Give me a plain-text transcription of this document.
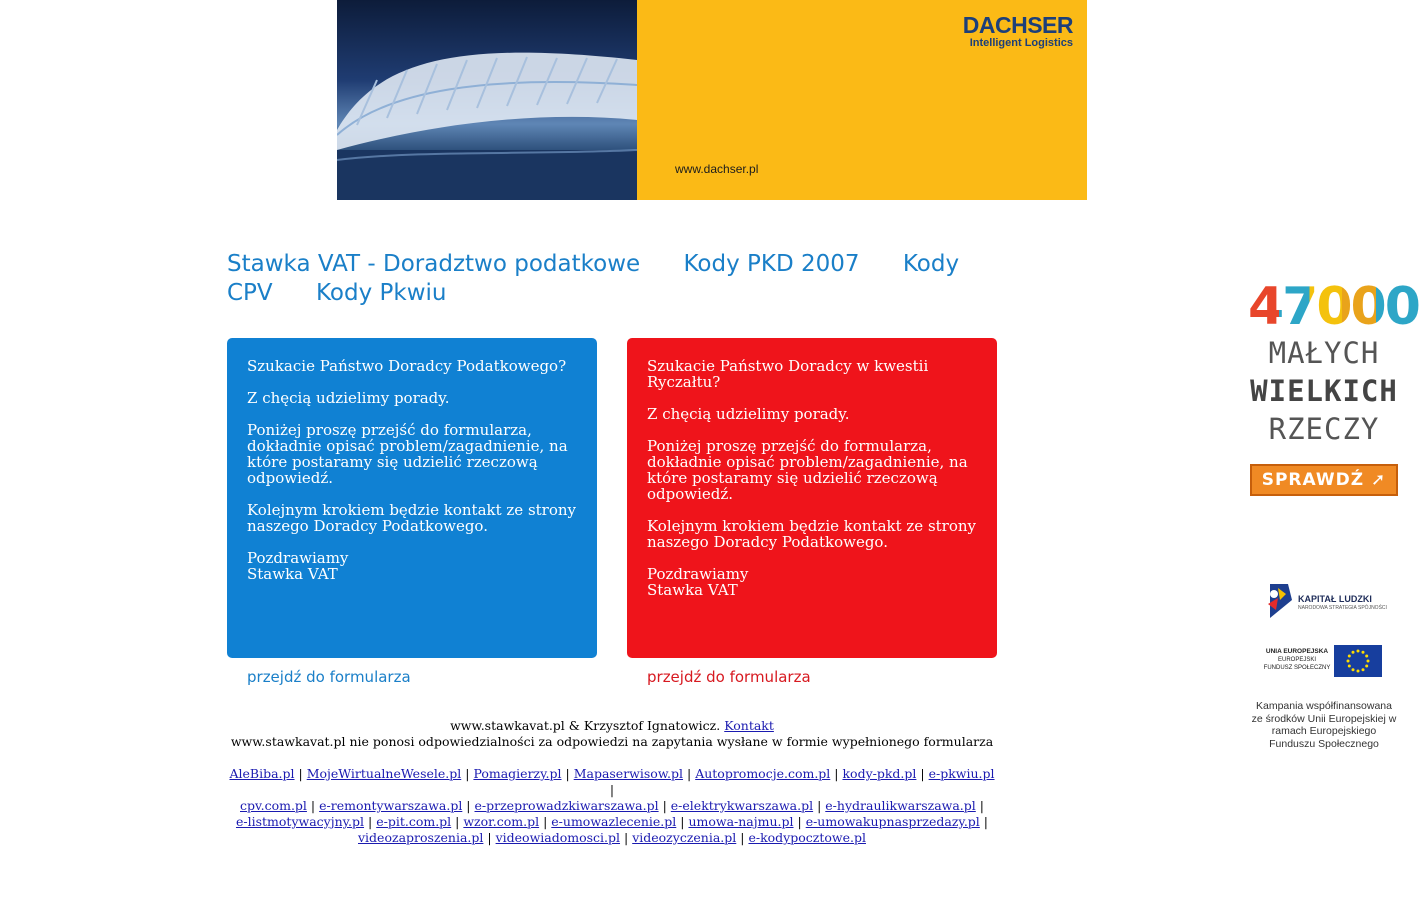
DACHSER
Intelligent Logistics
www.dachser.pl
Stawka VAT - Doradztwo podatkowe Kody PKD 2007 Kody CPV Kody Pkwiu

Szukacie Państwo Doradcy Podatkowego?

Z chęcią udzielimy porady.

Poniżej proszę przejść do formularza, dokładnie opisać problem/zagadnienie, na które postaramy się udzielić rzeczową odpowiedź.

Kolejnym krokiem będzie kontakt ze strony naszego Doradcy Podatkowego.

Pozdrawiamy
Stawka VAT

przejdź do formularza

Szukacie Państwo Doradcy w kwestii Ryczałtu?

Z chęcią udzielimy porady.

Poniżej proszę przejść do formularza, dokładnie opisać problem/zagadnienie, na które postaramy się udzielić rzeczową odpowiedź.

Kolejnym krokiem będzie kontakt ze strony naszego Doradcy Podatkowego.

Pozdrawiamy
Stawka VAT

przejdź do formularza
www.stawkavat.pl & Krzysztof Ignatowicz. Kontakt
www.stawkavat.pl nie ponosi odpowiedzialności za odpowiedzi na zapytania wysłane w formie wypełnionego formularza
AleBiba.pl | MojeWirtualneWesele.pl | Pomagierzy.pl | Mapaserwisow.pl | Autopromocje.com.pl | kody-pkd.pl | e-pkwiu.pl |
cpv.com.pl | e-remontywarszawa.pl | e-przeprowadzkiwarszawa.pl | e-elektrykwarszawa.pl | e-hydraulikwarszawa.pl |
e-listmotywacyjny.pl | e-pit.com.pl | wzor.com.pl | e-umowazlecenie.pl | umowa-najmu.pl | e-umowakupnasprzedazy.pl |
videozaproszenia.pl | videowiadomosci.pl | videozyczenia.pl | e-kodypocztowe.pl
47000
MAŁYCH
WIELKICH
RZECZY
SPRAWDŹ ➚
KAPITAŁ LUDZKI
NARODOWA STRATEGIA SPÓJNOŚCI
UNIA EUROPEJSKA
EUROPEJSKI
FUNDUSZ SPOŁECZNY
Kampania współfinansowana ze środków Unii Europejskiej w ramach Europejskiego Funduszu Społecznego
